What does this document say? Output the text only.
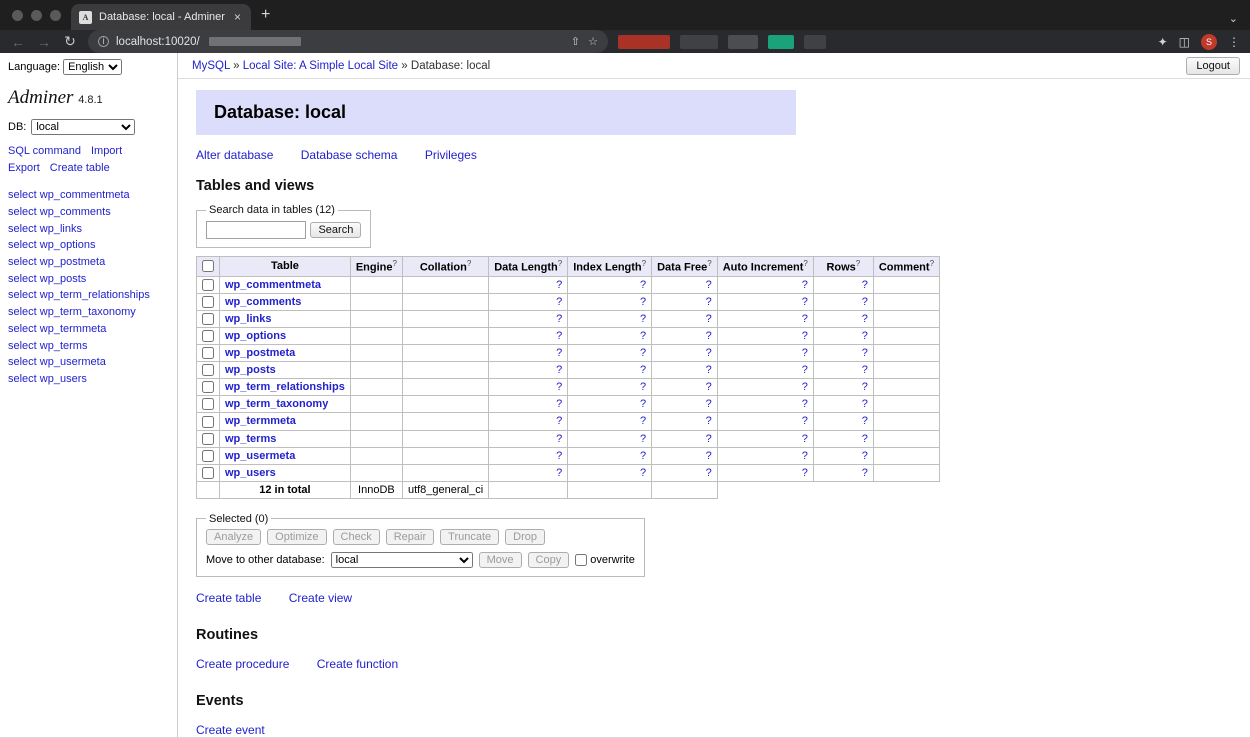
A Database: local - Adminer ×	+	⌄
← → ↻	i localhost:10020/	⇧ ☆	✦ ◫	S	⋮
Language:
English
Adminer 4.8.1
DB:
local
SQL command Import
Export Create table
select wp_commentmeta
select wp_comments
select wp_links
select wp_options
select wp_postmeta
select wp_posts
select wp_term_relationships
select wp_term_taxonomy
select wp_termmeta
select wp_terms
select wp_usermeta
select wp_users
MySQL » Local Site: A Simple Local Site » Database: local	Logout
Database: local
Alter database Database schema Privileges
Tables and views
Search data in tables (12)
Search
	Table	Engine?	Collation?	Data Length?	Index Length?	Data Free?	Auto Increment?	Rows?	Comment?
	wp_commentmeta			?	?	?	?	?	
	wp_comments			?	?	?	?	?	
	wp_links			?	?	?	?	?	
	wp_options			?	?	?	?	?	
	wp_postmeta			?	?	?	?	?	
	wp_posts			?	?	?	?	?	
	wp_term_relationships			?	?	?	?	?	
	wp_term_taxonomy			?	?	?	?	?	
	wp_termmeta			?	?	?	?	?	
	wp_terms			?	?	?	?	?	
	wp_usermeta			?	?	?	?	?	
	wp_users			?	?	?	?	?	
	12 in total	InnoDB	utf8_general_ci						
Selected (0)
Analyze	Optimize	Check	Repair	Truncate	Drop
Move to other database:
local	Move	Copy	overwrite
Create table Create view
Routines
Create procedure Create function
Events
Create event
